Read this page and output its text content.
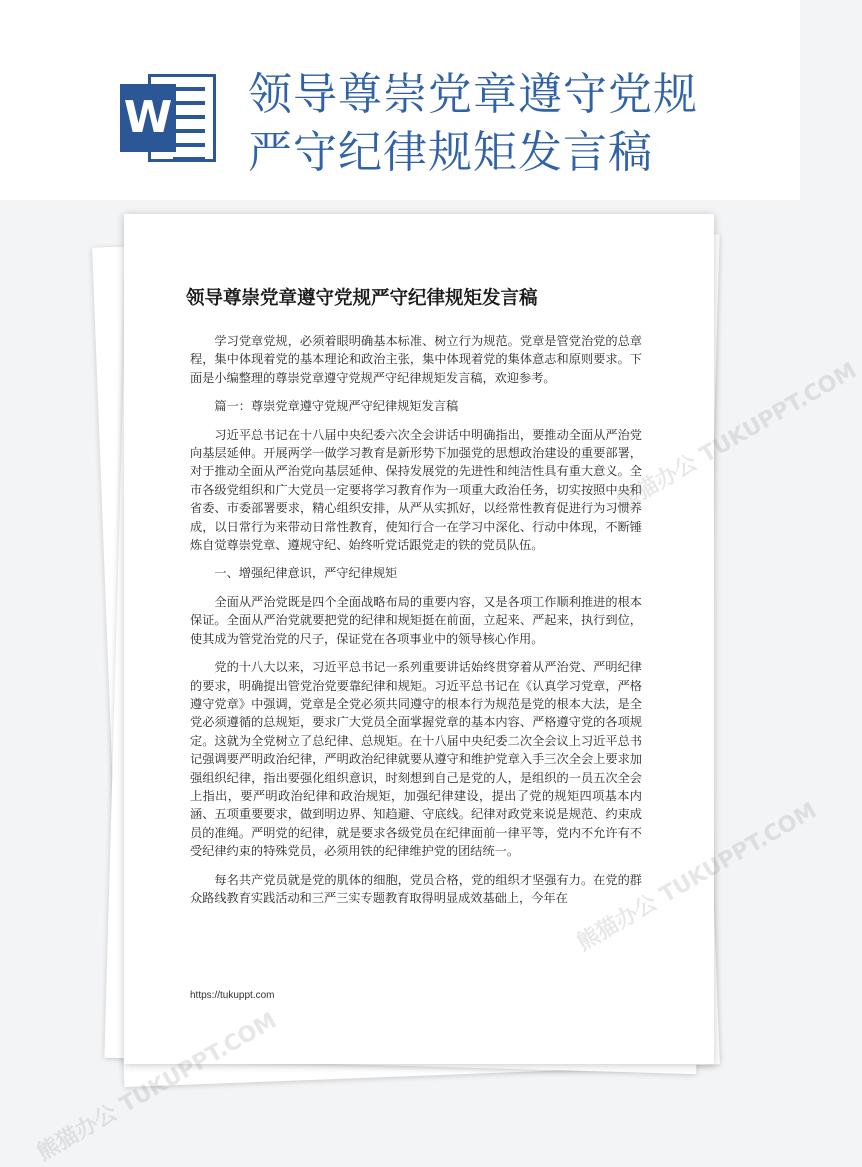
W 领导尊崇党章遵守党规
严守纪律规矩发言稿
领导尊崇党章遵守党规严守纪律规矩发言稿

学习党章党规，必须着眼明确基本标准、树立行为规范。党章是管党治党的总章程，集中体现着党的基本理论和政治主张，集中体现着党的集体意志和原则要求。下面是小编整理的尊崇党章遵守党规严守纪律规矩发言稿，欢迎参考。

篇一：尊崇党章遵守党规严守纪律规矩发言稿

习近平总书记在十八届中央纪委六次全会讲话中明确指出，要推动全面从严治党向基层延伸。开展两学一做学习教育是新形势下加强党的思想政治建设的重要部署，对于推动全面从严治党向基层延伸、保持发展党的先进性和纯洁性具有重大意义。全市各级党组织和广大党员一定要将学习教育作为一项重大政治任务，切实按照中央和省委、市委部署要求，精心组织安排，从严从实抓好，以经常性教育促进行为习惯养成，以日常行为来带动日常性教育，使知行合一在学习中深化、行动中体现，不断锤炼自觉尊崇党章、遵规守纪、始终听党话跟党走的铁的党员队伍。

一、增强纪律意识，严守纪律规矩

全面从严治党既是四个全面战略布局的重要内容，又是各项工作顺利推进的根本保证。全面从严治党就要把党的纪律和规矩挺在前面，立起来、严起来，执行到位，使其成为管党治党的尺子，保证党在各项事业中的领导核心作用。

党的十八大以来，习近平总书记一系列重要讲话始终贯穿着从严治党、严明纪律的要求，明确提出管党治党要靠纪律和规矩。习近平总书记在《认真学习党章，严格遵守党章》中强调，党章是全党必须共同遵守的根本行为规范是党的根本大法，是全党必须遵循的总规矩，要求广大党员全面掌握党章的基本内容、严格遵守党的各项规定。这就为全党树立了总纪律、总规矩。在十八届中央纪委二次全会议上习近平总书记强调要严明政治纪律，严明政治纪律就要从遵守和维护党章入手三次全会上要求加强组织纪律，指出要强化组织意识，时刻想到自己是党的人，是组织的一员五次全会上指出，要严明政治纪律和政治规矩，加强纪律建设，提出了党的规矩四项基本内涵、五项重要要求，做到明边界、知趋避、守底线。纪律对政党来说是规范、约束成员的准绳。严明党的纪律，就是要求各级党员在纪律面前一律平等，党内不允许有不受纪律约束的特殊党员，必须用铁的纪律维护党的团结统一。

每名共产党员就是党的肌体的细胞，党员合格，党的组织才坚强有力。在党的群众路线教育实践活动和三严三实专题教育取得明显成效基础上，今年在

https://tukuppt.com
熊猫办公 TUKUPPT.COM
TUKUPPT.COM
熊猫办公 TUKUPPT.COM
